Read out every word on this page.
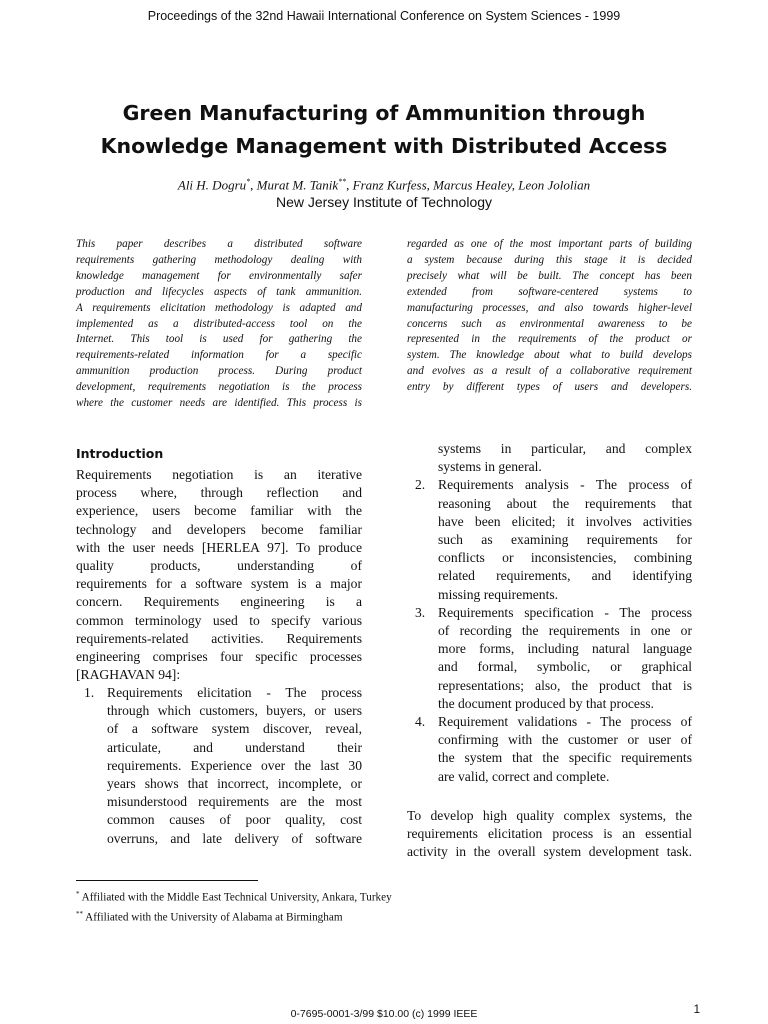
Proceedings of the 32nd Hawaii International Conference on System Sciences - 1999
Green Manufacturing of Ammunition through
Knowledge Management with Distributed Access
Ali H. Dogru*, Murat M. Tanik**, Franz Kurfess, Marcus Healey, Leon Jololian
New Jersey Institute of Technology
This paper describes a distributed software
requirements gathering methodology dealing with
knowledge management for environmentally safer
production and lifecycles aspects of tank ammunition.
A requirements elicitation methodology is adapted and
implemented as a distributed-access tool on the
Internet. This tool is used for gathering the
requirements-related information for a specific
ammunition production process. During product
development, requirements negotiation is the process
where the customer needs are identified. This process is
regarded as one of the most important parts of building
a system because during this stage it is decided
precisely what will be built. The concept has been
extended from software-centered systems to
manufacturing processes, and also towards higher-level
concerns such as environmental awareness to be
represented in the requirements of the product or
system. The knowledge about what to build develops
and evolves as a result of a collaborative requirement
entry by different types of users and developers.
Introduction
Requirements negotiation is an iterative
process where, through reflection and
experience, users become familiar with the
technology and developers become familiar
with the user needs [HERLEA 97]. To produce
quality products, understanding of
requirements for a software system is a major
concern. Requirements engineering is a
common terminology used to specify various
requirements-related activities. Requirements
engineering comprises four specific processes
[RAGHAVAN 94]:
1. Requirements elicitation - The process
through which customers, buyers, or users
of a software system discover, reveal,
articulate, and understand their
requirements. Experience over the last 30
years shows that incorrect, incomplete, or
misunderstood requirements are the most
common causes of poor quality, cost
overruns, and late delivery of software
systems in particular, and complex
systems in general.
2. Requirements analysis - The process of
reasoning about the requirements that
have been elicited; it involves activities
such as examining requirements for
conflicts or inconsistencies, combining
related requirements, and identifying
missing requirements.
3. Requirements specification - The process
of recording the requirements in one or
more forms, including natural language
and formal, symbolic, or graphical
representations; also, the product that is
the document produced by that process.
4. Requirement validations - The process of
confirming with the customer or user of
the system that the specific requirements
are valid, correct and complete.
To develop high quality complex systems, the
requirements elicitation process is an essential
activity in the overall system development task.
* Affiliated with the Middle East Technical University, Ankara, Turkey
** Affiliated with the University of Alabama at Birmingham
0-7695-0001-3/99 $10.00 (c) 1999 IEEE	1
